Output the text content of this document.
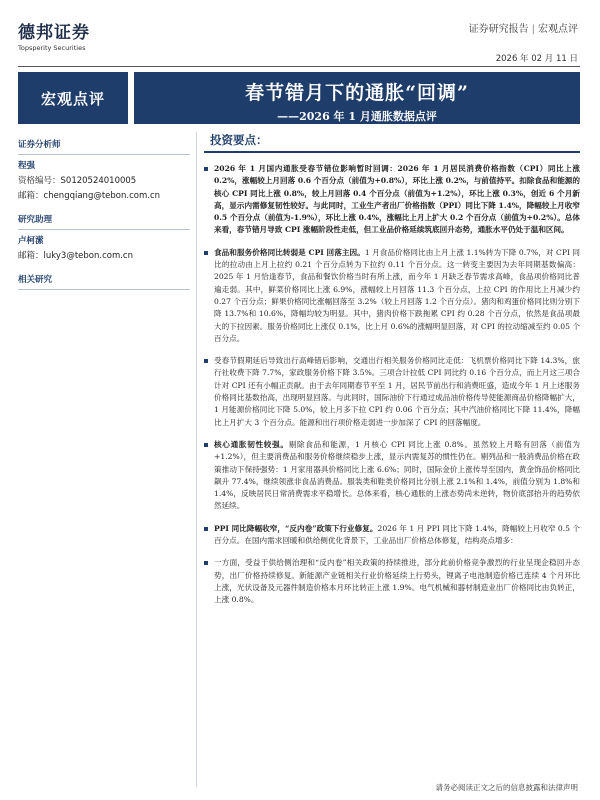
德邦证券
Topsperity Securities
证券研究报告 | 宏观点评
2026 年 02 月 11 日
宏观点评	春节错月下的通胀“回调”
——2026 年 1 月通胀数据点评
证券分析师
程强
资格编号：S0120524010005
邮箱：chengqiang@tebon.com.cn
研究助理
卢柯潆
邮箱：luky3@tebon.com.cn
相关研究
投资要点：
2026 年 1 月国内通胀受春节错位影响暂时回调：2026 年 1 月居民消费价格指数（CPI）同比上涨 0.2%，涨幅较上月回落 0.6 个百分点（前值为+0.8%），环比上涨 0.2%，与前值持平。扣除食品和能源的核心 CPI 同比上涨 0.8%，较上月回落 0.4 个百分点（前值为+1.2%），环比上涨 0.3%，创近 6 个月新高，显示内需修复韧性较好。与此同时，工业生产者出厂价格指数（PPI）同比下降 1.4%，降幅较上月收窄 0.5 个百分点（前值为-1.9%），环比上涨 0.4%，涨幅比上月上扩大 0.2 个百分点（前值为+0.2%）。总体来看，春节错月导致 CPI 涨幅阶段性走低，但工业品价格延续筑底回升态势，通胀水平仍处于温和区间。
食品和服务价格同比转弱是 CPI 回落主因。1 月食品价格同比由上月上涨 1.1%转为下降 0.7%，对 CPI 同比的拉动由上月上拉约 0.21 个百分点转为下拉约 0.11 个百分点。这一转变主要因为去年同期基数偏高：2025 年 1 月恰逢春节，食品和餐饮价格当时有所上涨，而今年 1 月缺乏春节需求高峰，食品项价格同比普遍走弱。其中，鲜菜价格同比上涨 6.9%，涨幅较上月回落 11.3 个百分点，上拉 CPI 的作用比上月减少约 0.27 个百分点；鲜果价格同比涨幅回落至 3.2%（较上月回落 1.2 个百分点）。猪肉和鸡蛋价格同比则分别下降 13.7%和 10.6%，降幅均较为明显。其中，猪肉价格下跌拖累 CPI 约 0.28 个百分点，依然是食品项最大的下拉因素。服务价格同比上涨仅 0.1%，比上月 0.6%的涨幅明显回落，对 CPI 的拉动缩减至约 0.05 个百分点。
受春节假期延后导致出行高峰错后影响，交通出行相关服务价格同比走低：飞机票价格同比下降 14.3%，旅行社收费下降 7.7%，家政服务价格下降 3.5%。三项合计拉低 CPI 同比约 0.16 个百分点，而上月这三项合计对 CPI 还有小幅正贡献。由于去年同期春节平至 1 月，居民节前出行和消费旺盛，造成今年 1 月上述服务价格同比基数抬高，出现明显回落。与此同时，国际油价下行通过成品油价格传导使能源商品价格降幅扩大，1 月能源价格同比下降 5.0%，较上月多下拉 CPI 约 0.06 个百分点；其中汽油价格同比下降 11.4%，降幅比上月扩大 3 个百分点。能源和出行项价格走弱进一步加深了 CPI 的回落幅度。
核心通胀韧性较强。剔除食品和能源，1 月核心 CPI 同比上涨 0.8%。虽然较上月略有回落（前值为+1.2%），但主要消费品和服务价格继续稳步上涨，显示内需复苏的惯性仍在。剔列品和一般消费品价格在政策推动下保持强势：1 月家用器具价格同比上涨 6.6%；同时，国际金价上涨传导至国内，黄金饰品价格同比飙升 77.4%，继续领涨非食品消费品。服装类和鞋类价格同比分别上涨 2.1%和 1.4%，前值分别为 1.8%和 1.4%，反映居民日常消费需求平稳增长。总体来看，核心通胀的上涨态势尚未逆转，物价底部抬升的趋势依然延续。
PPI 同比降幅收窄，“反内卷”政策下行业修复。2026 年 1 月 PPI 同比下降 1.4%，降幅较上月收窄 0.5 个百分点。在国内需求回暖和供给侧优化背景下，工业品出厂价格总体修复，结构亮点增多：
一方面，受益于供给侧治理和“反内卷”相关政策的持续推进，部分此前价格竞争激烈的行业呈现企稳回升态势，出厂价格持续修复。新能源产业链相关行业价格延续上行势头，锂离子电池制造价格已连续 4 个月环比上涨，光伏设备及元器件制造价格本月环比转正上涨 1.9%。电气机械和器材制造业出厂价格同比由负转正，上涨 0.8%。
请务必阅读正文之后的信息披露和法律声明
